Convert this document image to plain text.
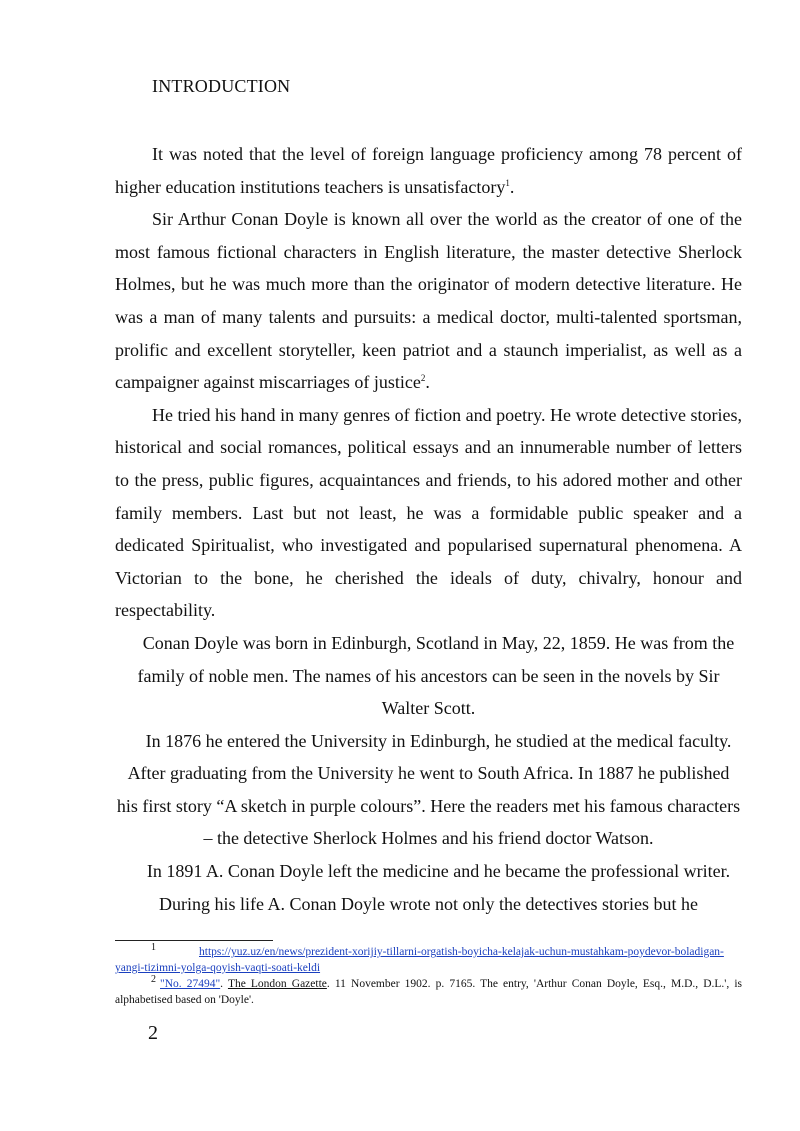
INTRODUCTION

It was noted that the level of foreign language proficiency among 78 percent of higher education institutions teachers is unsatisfactory$^1$.

Sir Arthur Conan Doyle is known all over the world as the creator of one of the most famous fictional characters in English literature, the master detective Sherlock Holmes, but he was much more than the originator of modern detective literature. He was a man of many talents and pursuits: a medical doctor, multi-talented sportsman, prolific and excellent storyteller, keen patriot and a staunch imperialist, as well as a campaigner against miscarriages of justice$^2$.

He tried his hand in many genres of fiction and poetry. He wrote detective stories, historical and social romances, political essays and an innumerable number of letters to the press, public figures, acquaintances and friends, to his adored mother and other family members. Last but not least, he was a formidable public speaker and a dedicated Spiritualist, who investigated and popularised supernatural phenomena. A Victorian to the bone, he cherished the ideals of duty, chivalry, honour and respectability.

Conan Doyle was born in Edinburgh, Scotland in May, 22, 1859. He was from the family of noble men. The names of his ancestors can be seen in the novels by Sir Walter Scott.

In 1876 he entered the University in Edinburgh, he studied at the medical faculty. After graduating from the University he went to South Africa. In 1887 he published his first story “A sketch in purple colours”. Here the readers met his famous characters – the detective Sherlock Holmes and his friend doctor Watson.

In 1891 A. Conan Doyle left the medicine and he became the professional writer. During his life A. Conan Doyle wrote not only the detectives stories but he

1	https://yuz.uz/en/news/prezident-xorijiy-tillarni-orgatish-boyicha-kelajak-uchun-mustahkam-poydevor-boladigan-yangi-tizimni-yolga-qoyish-vaqti-soati-keldi

2 "No. 27494". The London Gazette. 11 November 1902. p. 7165. The entry, 'Arthur Conan Doyle, Esq., M.D., D.L.', is alphabetised based on 'Doyle'.

2
